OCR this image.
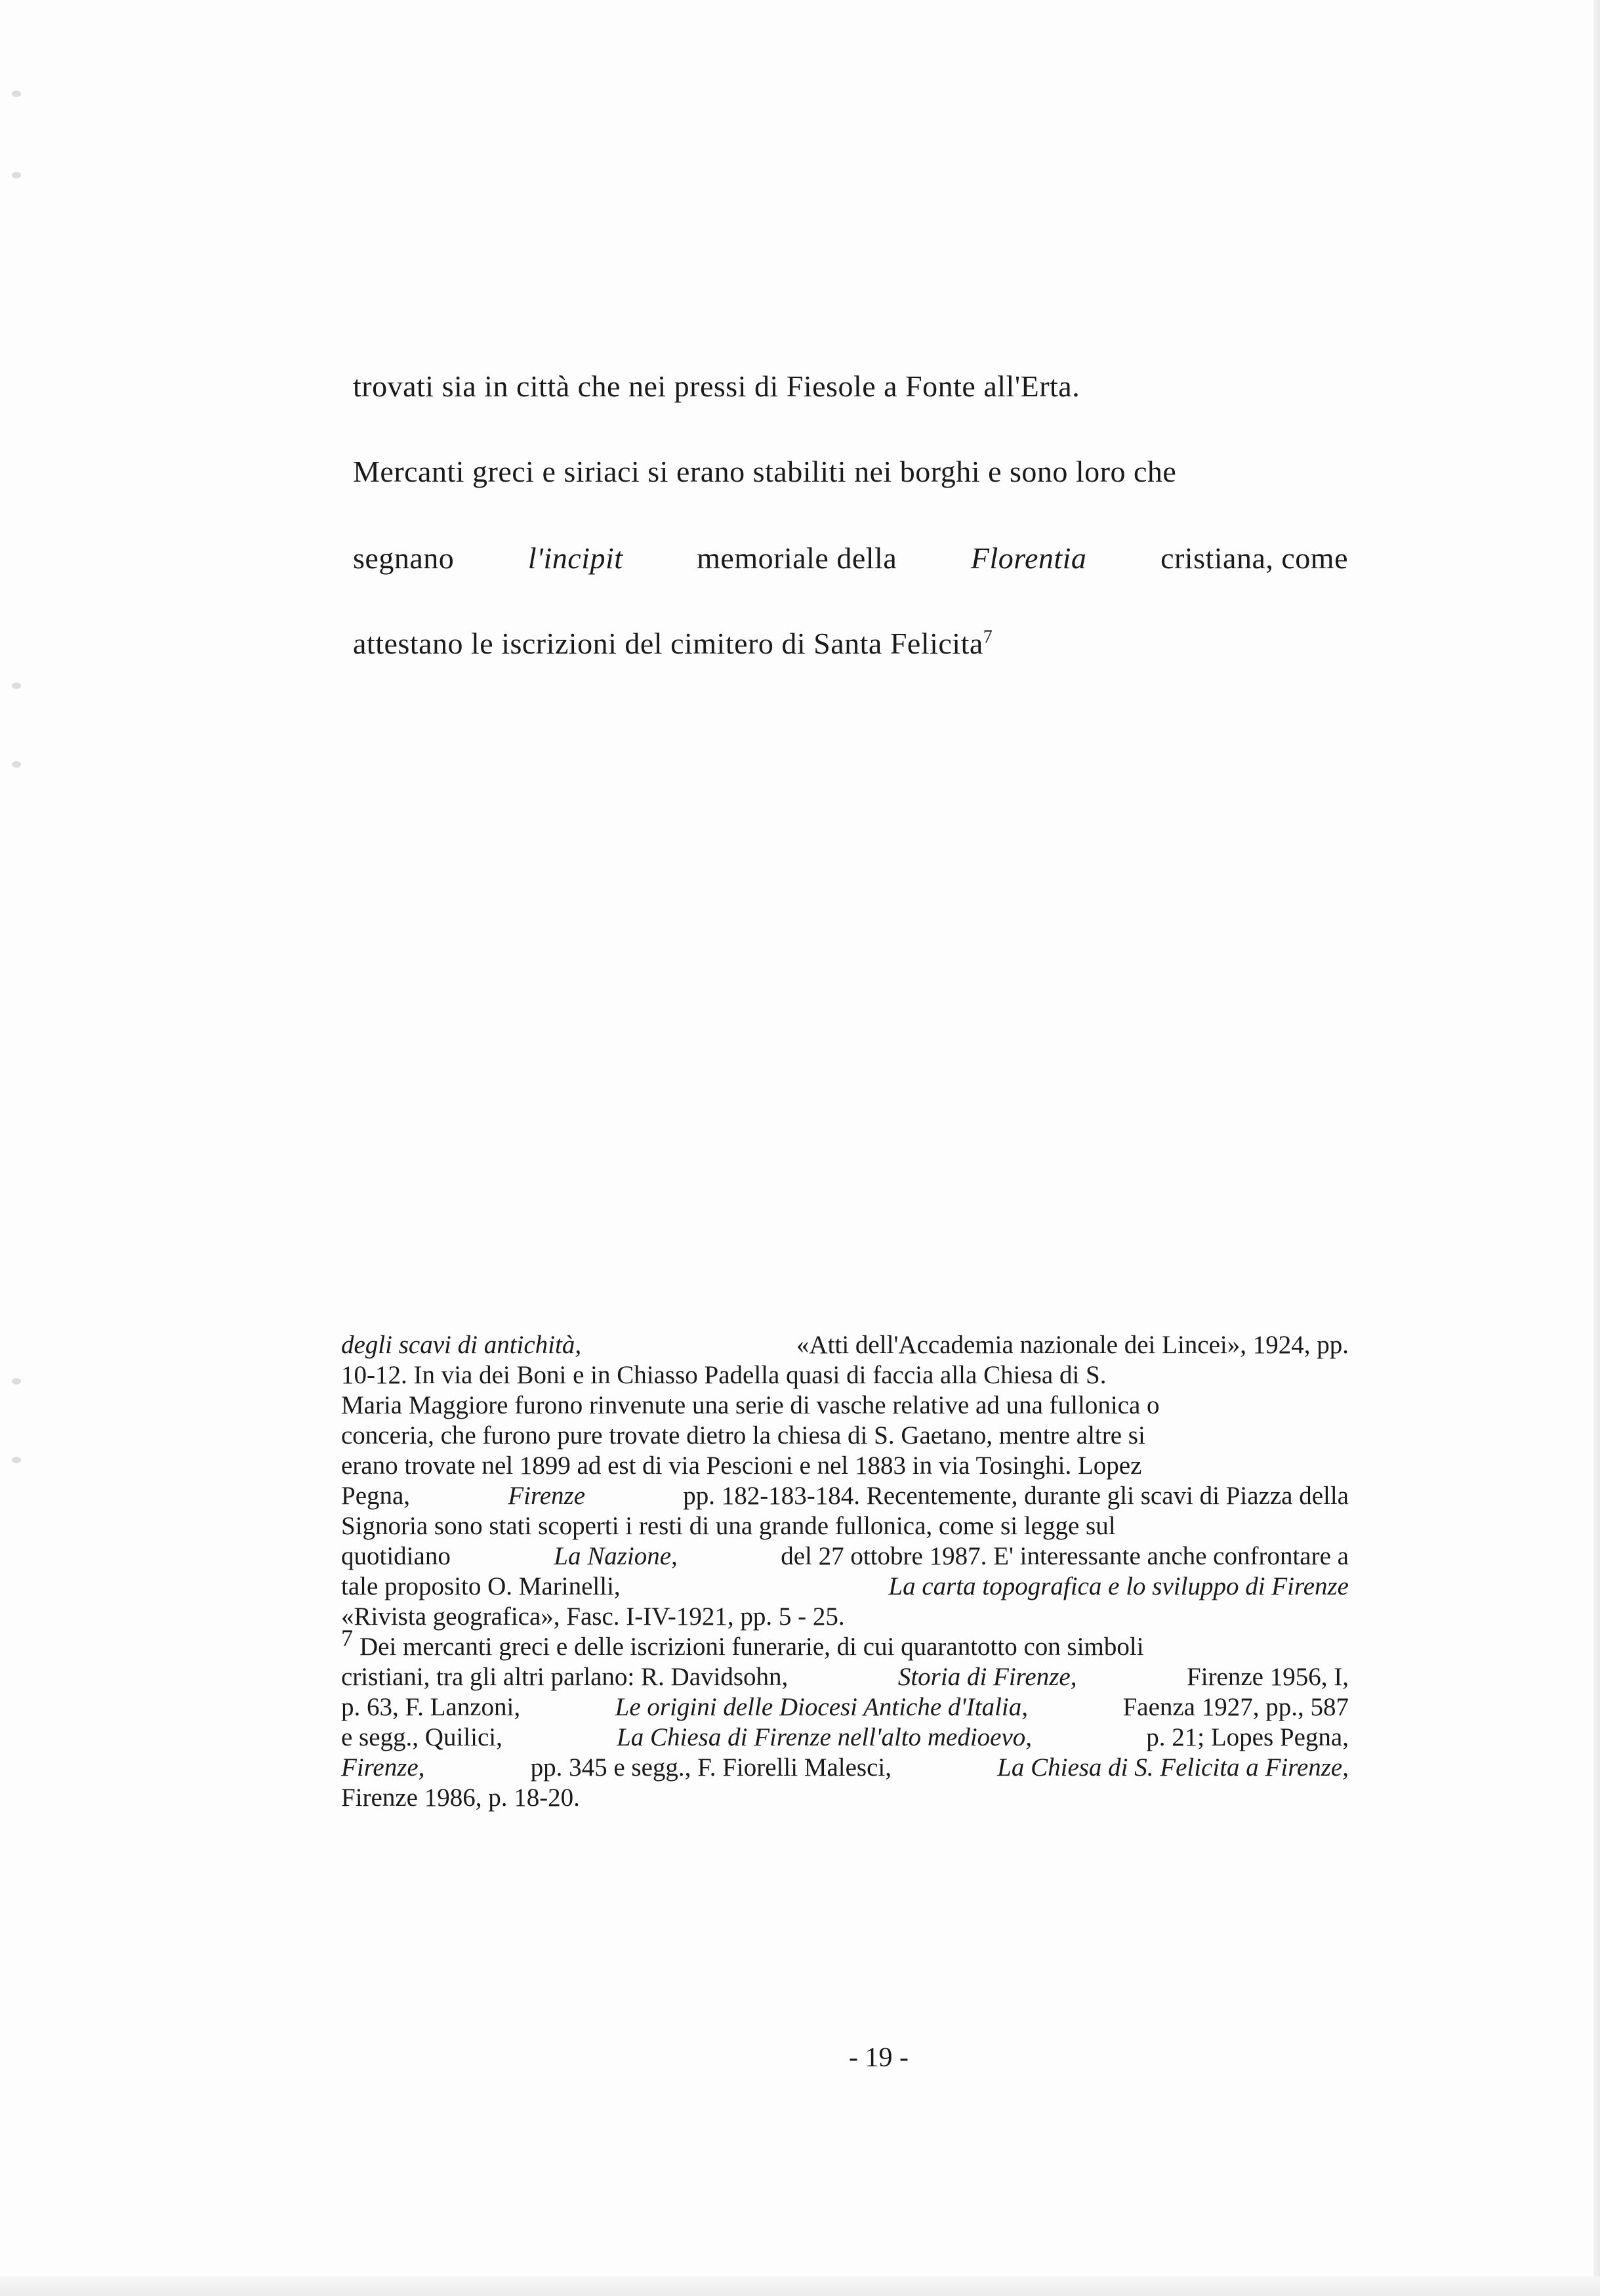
trovati sia in città che nei pressi di Fiesole a Fonte all'Erta.
Mercanti greci e siriaci si erano stabiliti nei borghi e sono loro che
segnano l'incipit memoriale della Florentia cristiana, come
attestano le iscrizioni del cimitero di Santa Felicita$^7$
degli scavi di antichità,	«Atti dell'Accademia nazionale dei Lincei», 1924, pp.
10-12. In via dei Boni e in Chiasso Padella quasi di faccia alla Chiesa di S.
Maria Maggiore furono rinvenute una serie di vasche relative ad una fullonica o
conceria, che furono pure trovate dietro la chiesa di S. Gaetano, mentre altre si
erano trovate nel 1899 ad est di via Pescioni e nel 1883 in via Tosinghi. Lopez
Pegna,	Firenze	pp. 182-183-184. Recentemente, durante gli scavi di Piazza della
Signoria sono stati scoperti i resti di una grande fullonica, come si legge sul
quotidiano	La Nazione,	del 27 ottobre 1987. E' interessante anche confrontare a
tale proposito O. Marinelli,	La carta topografica e lo sviluppo di Firenze
«Rivista geografica», Fasc. I-IV-1921, pp. 5 - 25.
7 Dei mercanti greci e delle iscrizioni funerarie, di cui quarantotto con simboli
cristiani, tra gli altri parlano: R. Davidsohn,	Storia di Firenze,	Firenze 1956, I,
p. 63, F. Lanzoni,	Le origini delle Diocesi Antiche d'Italia,	Faenza 1927, pp., 587
e segg., Quilici,	La Chiesa di Firenze nell'alto medioevo,	p. 21; Lopes Pegna,
Firenze,	pp. 345 e segg., F. Fiorelli Malesci,	La Chiesa di S. Felicita a Firenze,
Firenze 1986, p. 18-20.
- 19 -
